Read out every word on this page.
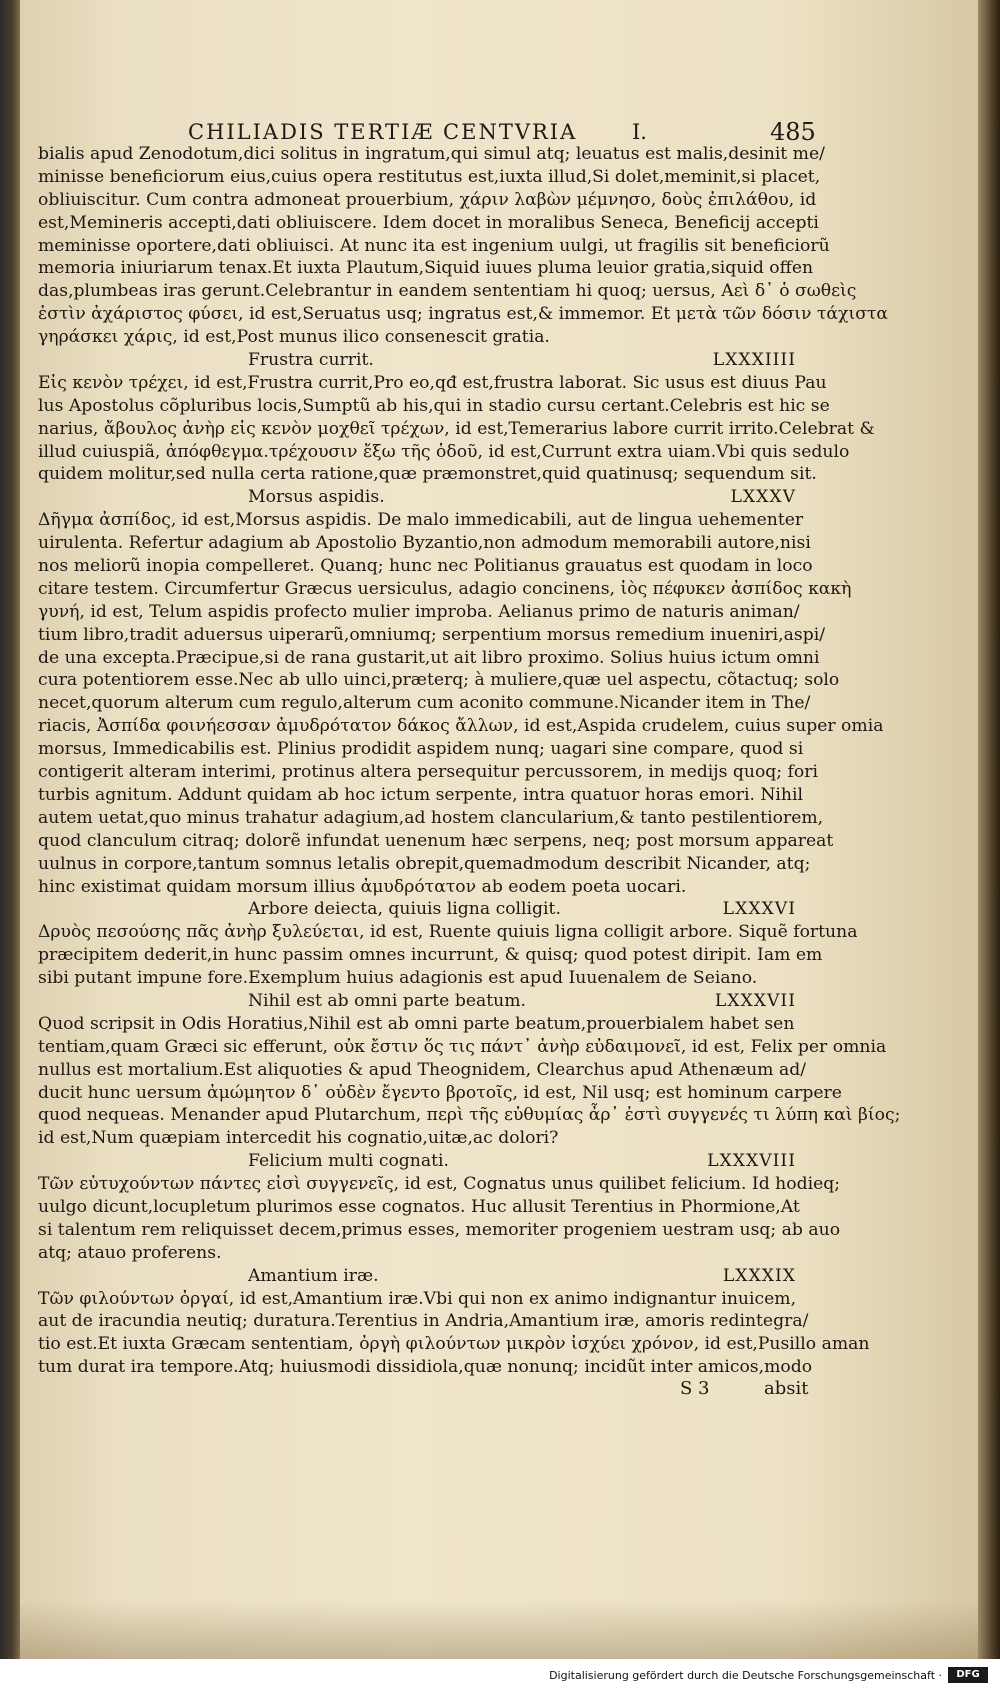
CHILIADIS TERTIÆ CENTVRIA	I.	485
bialis apud Zenodotum,dici solitus in ingratum,qui simul atq; leuatus est malis,desinit me/
minisse beneficiorum eius,cuius opera restitutus est,iuxta illud,Si dolet,meminit,si placet,
obliuiscitur. Cum contra admoneat prouerbium, χάριν λαβὼν μέμνησο, δοὺς ἐπιλάθου, id
est,Memineris accepti,dati obliuiscere. Idem docet in moralibus Seneca, Beneficij accepti
meminisse oportere,dati obliuisci. At nunc ita est ingenium uulgi, ut fragilis sit beneficiorũ
memoria iniuriarum tenax.Et iuxta Plautum,Siquid iuues pluma leuior gratia,siquid offen
das,plumbeas iras gerunt.Celebrantur in eandem sententiam hi quoq; uersus, Αεὶ δ᾽ ὁ σωθεὶς
ἐστὶν ἀχάριστος φύσει, id est,Seruatus usq; ingratus est,& immemor. Et μετὰ τῶν δόσιν τάχιστα
γηράσκει χάρις, id est,Post munus ilico consenescit gratia.
Frustra currit.	LXXXIIII
Εἰς κενὸν τρέχει, id est,Frustra currit,Pro eo,qđ est,frustra laborat. Sic usus est diuus Pau
lus Apostolus cõpluribus locis,Sumptũ ab his,qui in stadio cursu certant.Celebris est hic se
narius, ἄβουλος ἀνὴρ εἰς κενὸν μοχθεῖ τρέχων, id est,Temerarius labore currit irrito.Celebrat &
illud cuiuspiã, ἀπόφθεγμα.τρέχουσιν ἔξω τῆς ὁδοῦ, id est,Currunt extra uiam.Vbi quis sedulo
quidem molitur,sed nulla certa ratione,quæ præmonstret,quid quatinusq; sequendum sit.
Morsus aspidis.	LXXXV
Δῆγμα ἀσπίδος, id est,Morsus aspidis. De malo immedicabili, aut de lingua uehementer
uirulenta. Refertur adagium ab Apostolio Byzantio,non admodum memorabili autore,nisi
nos meliorũ inopia compelleret. Quanq; hunc nec Politianus grauatus est quodam in loco
citare testem. Circumfertur Græcus uersiculus, adagio concinens, ἰὸς πέφυκεν ἀσπίδος κακὴ
γυνή, id est, Telum aspidis profecto mulier improba. Aelianus primo de naturis animan/
tium libro,tradit aduersus uiperarũ,omniumq; serpentium morsus remedium inueniri,aspi/
de una excepta.Præcipue,si de rana gustarit,ut ait libro proximo. Solius huius ictum omni
cura potentiorem esse.Nec ab ullo uinci,præterq; à muliere,quæ uel aspectu, cõtactuq; solo
necet,quorum alterum cum regulo,alterum cum aconito commune.Nicander item in The/
riacis, Ἀσπίδα φοινήεσσαν ἀμυδρότατον δάκος ἄλλων, id est,Aspida crudelem, cuius super omia
morsus, Immedicabilis est. Plinius prodidit aspidem nunq; uagari sine compare, quod si
contigerit alteram interimi, protinus altera persequitur percussorem, in medijs quoq; fori
turbis agnitum. Addunt quidam ab hoc ictum serpente, intra quatuor horas emori. Nihil
autem uetat,quo minus trahatur adagium,ad hostem clancularium,& tanto pestilentiorem,
quod clanculum citraq; dolorẽ infundat uenenum hæc serpens, neq; post morsum appareat
uulnus in corpore,tantum somnus letalis obrepit,quemadmodum describit Nicander, atq;
hinc existimat quidam morsum illius ἀμυδρότατον ab eodem poeta uocari.
Arbore deiecta, quiuis ligna colligit.	LXXXVI
Δρυὸς πεσούσης πᾶς ἀνὴρ ξυλεύεται, id est, Ruente quiuis ligna colligit arbore. Siquẽ fortuna
præcipitem dederit,in hunc passim omnes incurrunt, & quisq; quod potest diripit. Iam em
sibi putant impune fore.Exemplum huius adagionis est apud Iuuenalem de Seiano.
Nihil est ab omni parte beatum.	LXXXVII
Quod scripsit in Odis Horatius,Nihil est ab omni parte beatum,prouerbialem habet sen
tentiam,quam Græci sic efferunt, οὐκ ἔστιν ὅς τις πάντ᾽ ἀνὴρ εὐδαιμονεῖ, id est, Felix per omnia
nullus est mortalium.Est aliquoties & apud Theognidem, Clearchus apud Athenæum ad/
ducit hunc uersum ἀμώμητον δ᾽ οὐδὲν ἔγεντο βροτοῖς, id est, Nil usq; est hominum carpere
quod nequeas. Menander apud Plutarchum, περὶ τῆς εὐθυμίας ἆρ᾽ ἐστὶ συγγενές τι λύπη καὶ βίος;
id est,Num quæpiam intercedit his cognatio,uitæ,ac dolori?
Felicium multi cognati.	LXXXVIII
Τῶν εὐτυχούντων πάντες εἰσὶ συγγενεῖς, id est, Cognatus unus quilibet felicium. Id hodieq;
uulgo dicunt,locupletum plurimos esse cognatos. Huc allusit Terentius in Phormione,At
si talentum rem reliquisset decem,primus esses, memoriter progeniem uestram usq; ab auo
atq; atauo proferens.
Amantium iræ.	LXXXIX
Τῶν φιλούντων ὀργαί, id est,Amantium iræ.Vbi qui non ex animo indignantur inuicem,
aut de iracundia neutiq; duratura.Terentius in Andria,Amantium iræ, amoris redintegra/
tio est.Et iuxta Græcam sententiam, ὀργὴ φιλούντων μικρὸν ἰσχύει χρόνον, id est,Pusillo aman
tum durat ira tempore.Atq; huiusmodi dissidiola,quæ nonunq; incidũt inter amicos,modo
S 3	absit
Digitalisierung gefördert durch die Deutsche Forschungsgemeinschaft ·	DFG
